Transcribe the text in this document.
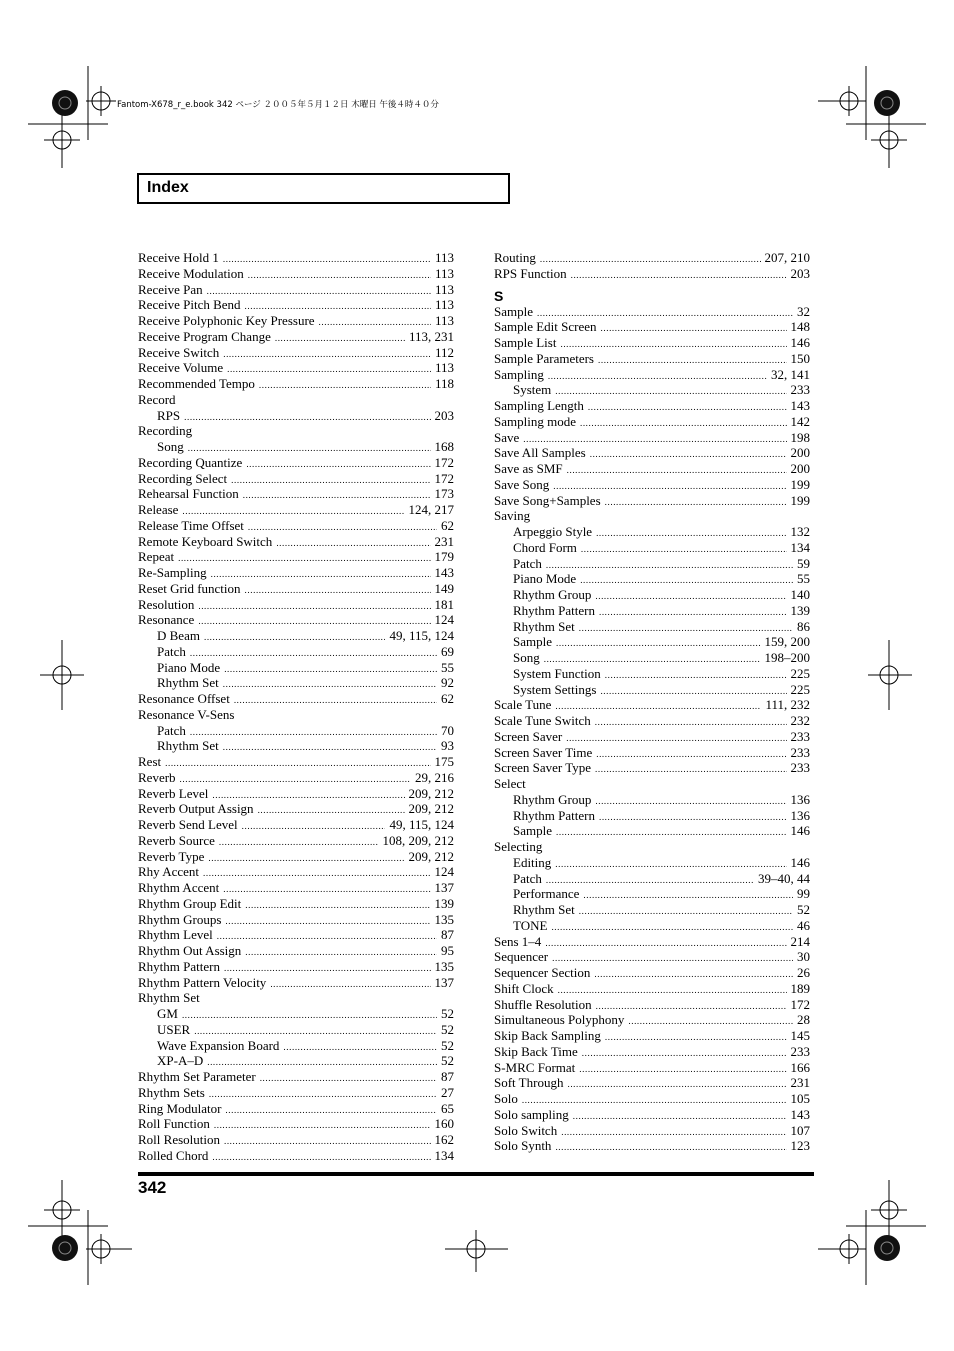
Fantom-X678_r_e.book 342 ページ ２００５年５月１２日 木曜日 午後４時４０分
Index
Receive Hold 1 .....	113
Receive Modulation .....	113
Receive Pan .....	113
Receive Pitch Bend .....	113
Receive Polyphonic Key Pressure .....	113
Receive Program Change .....	113, 231
Receive Switch .....	112
Receive Volume .....	113
Recommended Tempo .....	118
Record
RPS .....	203
Recording
Song .....	168
Recording Quantize .....	172
Recording Select .....	172
Rehearsal Function .....	173
Release .....	124, 217
Release Time Offset .....	62
Remote Keyboard Switch .....	231
Repeat .....	179
Re-Sampling .....	143
Reset Grid function .....	149
Resolution .....	181
Resonance .....	124
D Beam .....	49, 115, 124
Patch .....	69
Piano Mode .....	55
Rhythm Set .....	92
Resonance Offset .....	62
Resonance V-Sens
Patch .....	70
Rhythm Set .....	93
Rest .....	175
Reverb .....	29, 216
Reverb Level .....	209, 212
Reverb Output Assign .....	209, 212
Reverb Send Level .....	49, 115, 124
Reverb Source .....	108, 209, 212
Reverb Type .....	209, 212
Rhy Accent .....	124
Rhythm Accent .....	137
Rhythm Group Edit .....	139
Rhythm Groups .....	135
Rhythm Level .....	87
Rhythm Out Assign .....	95
Rhythm Pattern .....	135
Rhythm Pattern Velocity .....	137
Rhythm Set
GM .....	52
USER .....	52
Wave Expansion Board .....	52
XP-A–D .....	52
Rhythm Set Parameter .....	87
Rhythm Sets .....	27
Ring Modulator .....	65
Roll Function .....	160
Roll Resolution .....	162
Rolled Chord .....	134
Routing .....	207, 210
RPS Function .....	203
S
Sample .....	32
Sample Edit Screen .....	148
Sample List .....	146
Sample Parameters .....	150
Sampling .....	32, 141
System .....	233
Sampling Length .....	143
Sampling mode .....	142
Save .....	198
Save All Samples .....	200
Save as SMF .....	200
Save Song .....	199
Save Song+Samples .....	199
Saving
Arpeggio Style .....	132
Chord Form .....	134
Patch .....	59
Piano Mode .....	55
Rhythm Group .....	140
Rhythm Pattern .....	139
Rhythm Set .....	86
Sample .....	159, 200
Song .....	198–200
System Function .....	225
System Settings .....	225
Scale Tune .....	111, 232
Scale Tune Switch .....	232
Screen Saver .....	233
Screen Saver Time .....	233
Screen Saver Type .....	233
Select
Rhythm Group .....	136
Rhythm Pattern .....	136
Sample .....	146
Selecting
Editing .....	146
Patch .....	39–40, 44
Performance .....	99
Rhythm Set .....	52
TONE .....	46
Sens 1–4 .....	214
Sequencer .....	30
Sequencer Section .....	26
Shift Clock .....	189
Shuffle Resolution .....	172
Simultaneous Polyphony .....	28
Skip Back Sampling .....	145
Skip Back Time .....	233
S-MRC Format .....	166
Soft Through .....	231
Solo .....	105
Solo sampling .....	143
Solo Switch .....	107
Solo Synth .....	123
342
